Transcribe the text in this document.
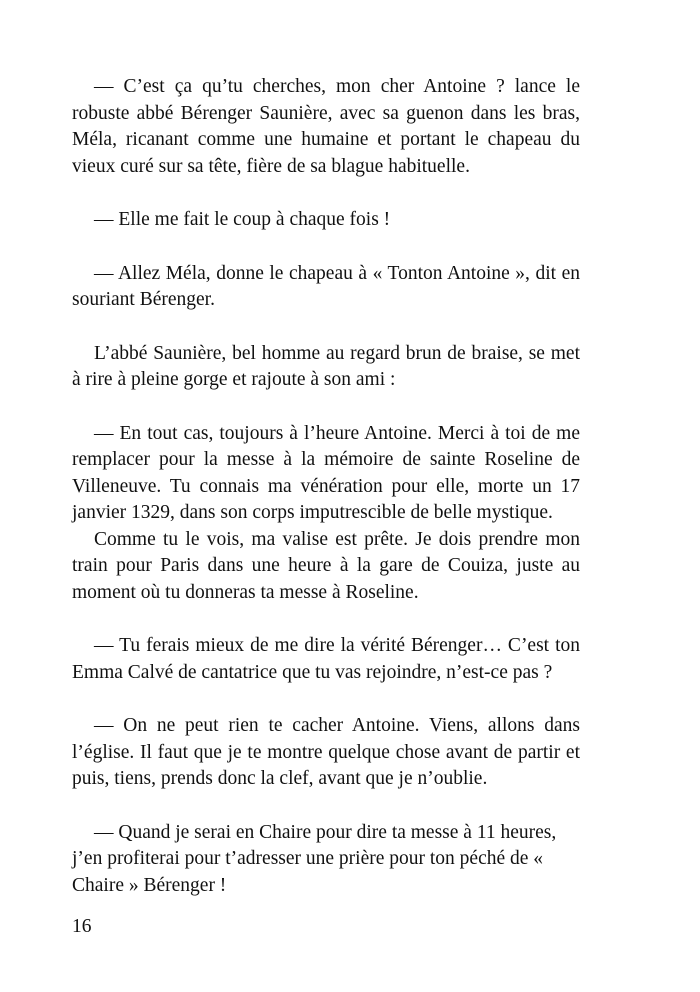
— C’est ça qu’tu cherches, mon cher Antoine ? lance le robuste abbé Bérenger Saunière, avec sa guenon dans les bras, Méla, ricanant comme une humaine et portant le chapeau du vieux curé sur sa tête, fière de sa blague habituelle.

— Elle me fait le coup à chaque fois !

— Allez Méla, donne le chapeau à « Tonton Antoine », dit en souriant Bérenger.

L’abbé Saunière, bel homme au regard brun de braise, se met à rire à pleine gorge et rajoute à son ami :

— En tout cas, toujours à l’heure Antoine. Merci à toi de me remplacer pour la messe à la mémoire de sainte Roseline de Villeneuve. Tu connais ma vénération pour elle, morte un 17 janvier 1329, dans son corps imputrescible de belle mystique.

Comme tu le vois, ma valise est prête. Je dois prendre mon train pour Paris dans une heure à la gare de Couiza, juste au moment où tu donneras ta messe à Roseline.

— Tu ferais mieux de me dire la vérité Bérenger… C’est ton Emma Calvé de cantatrice que tu vas rejoindre, n’est-ce pas ?

— On ne peut rien te cacher Antoine. Viens, allons dans l’église. Il faut que je te montre quelque chose avant de partir et puis, tiens, prends donc la clef, avant que je n’oublie.

— Quand je serai en Chaire pour dire ta messe à 11 heures, j’en profiterai pour t’adresser une prière pour ton péché de « Chaire » Bérenger !

16
